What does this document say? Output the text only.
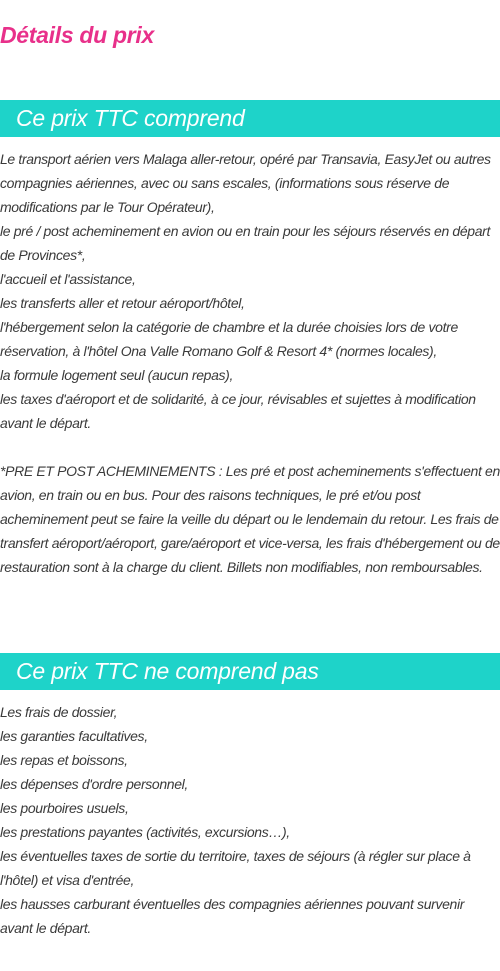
Détails du prix
Ce prix TTC comprend

Le transport aérien vers Malaga aller-retour, opéré par Transavia, EasyJet ou autres compagnies aériennes, avec ou sans escales, (informations sous réserve de modifications par le Tour Opérateur),

le pré / post acheminement en avion ou en train pour les séjours réservés en départ de Provinces*,

l'accueil et l'assistance,

les transferts aller et retour aéroport/hôtel,

l'hébergement selon la catégorie de chambre et la durée choisies lors de votre réservation, à l'hôtel Ona Valle Romano Golf & Resort 4* (normes locales),

la formule logement seul (aucun repas),

les taxes d'aéroport et de solidarité, à ce jour, révisables et sujettes à modification avant le départ.

*PRE ET POST ACHEMINEMENTS : Les pré et post acheminements s'effectuent en avion, en train ou en bus. Pour des raisons techniques, le pré et/ou post acheminement peut se faire la veille du départ ou le lendemain du retour. Les frais de transfert aéroport/aéroport, gare/aéroport et vice-versa, les frais d'hébergement ou de restauration sont à la charge du client. Billets non modifiables, non remboursables.

Ce prix TTC ne comprend pas

Les frais de dossier,

les garanties facultatives,

les repas et boissons,

les dépenses d'ordre personnel,

les pourboires usuels,

les prestations payantes (activités, excursions…),

les éventuelles taxes de sortie du territoire, taxes de séjours (à régler sur place à l'hôtel) et visa d'entrée,

les hausses carburant éventuelles des compagnies aériennes pouvant survenir avant le départ.
